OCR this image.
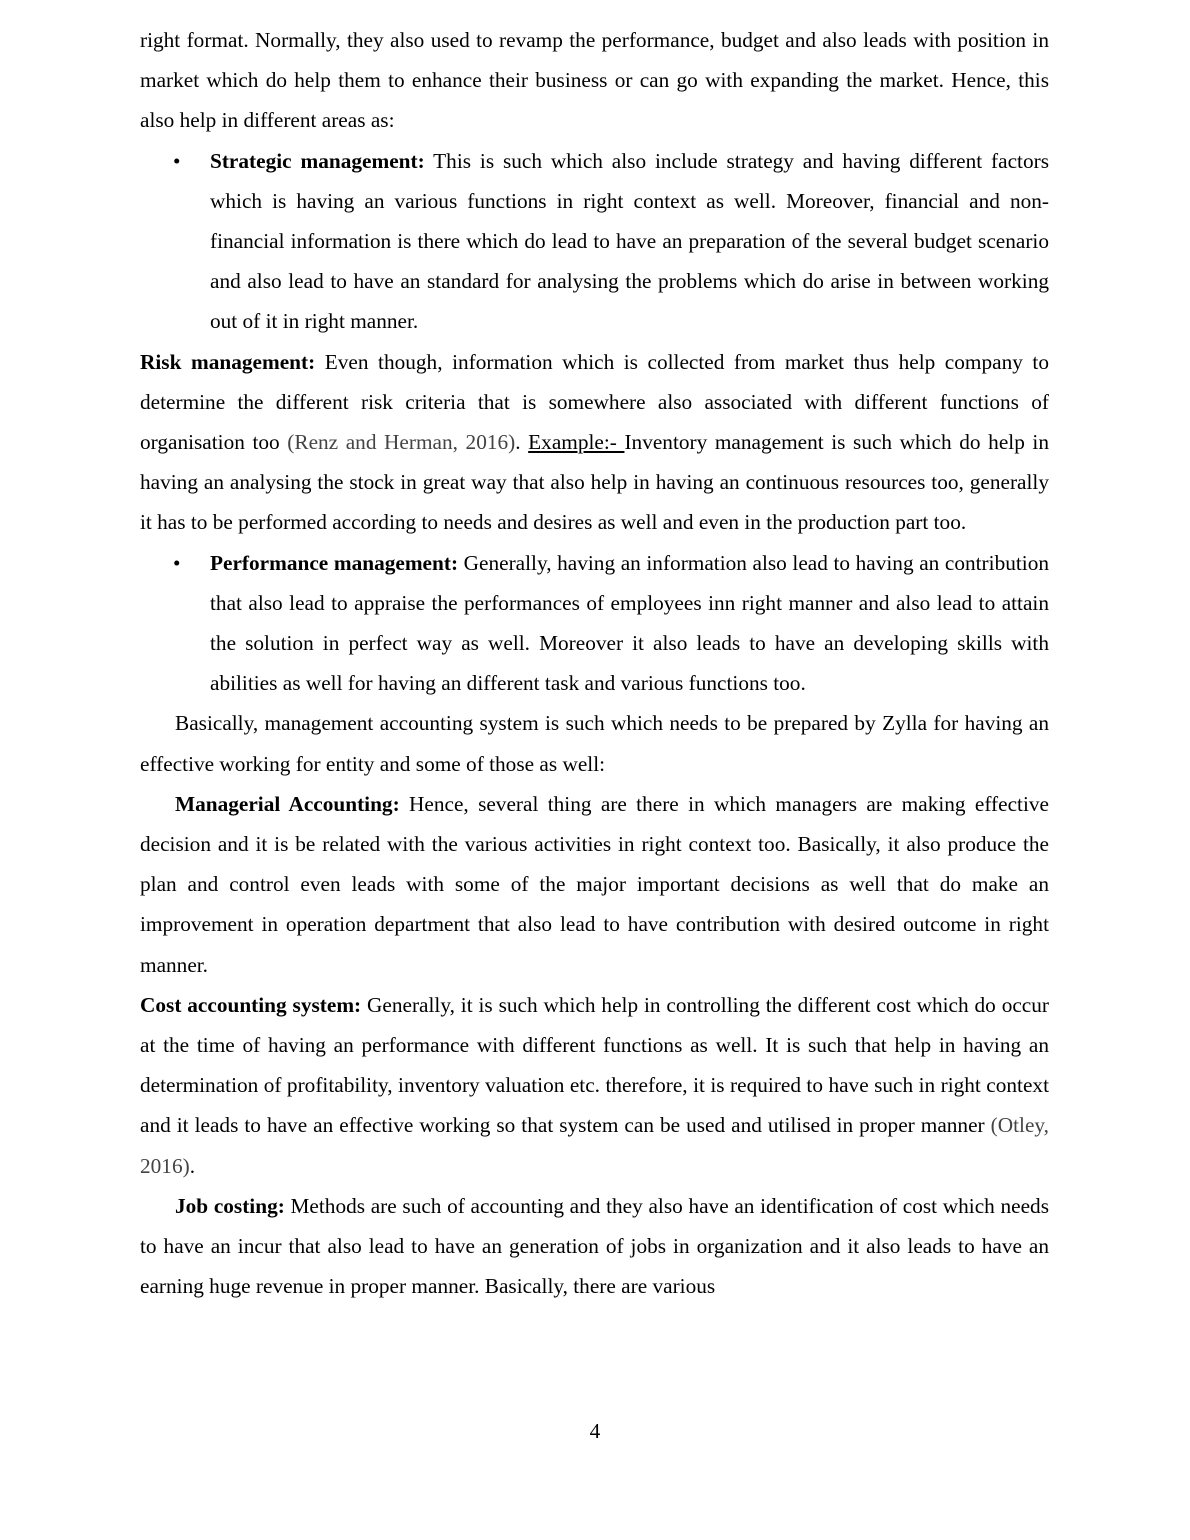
right format. Normally, they also used to revamp the performance, budget and also leads with position in market which do help them to enhance their business or can go with expanding the market. Hence, this also help in different areas as:

• Strategic management: This is such which also include strategy and having different factors which is having an various functions in right context as well. Moreover, financial and non-financial information is there which do lead to have an preparation of the several budget scenario and also lead to have an standard for analysing the problems which do arise in between working out of it in right manner.

Risk management: Even though, information which is collected from market thus help company to determine the different risk criteria that is somewhere also associated with different functions of organisation too (Renz and Herman, 2016). Example:- Inventory management is such which do help in having an analysing the stock in great way that also help in having an continuous resources too, generally it has to be performed according to needs and desires as well and even in the production part too.

• Performance management: Generally, having an information also lead to having an contribution that also lead to appraise the performances of employees inn right manner and also lead to attain the solution in perfect way as well. Moreover it also leads to have an developing skills with abilities as well for having an different task and various functions too.

Basically, management accounting system is such which needs to be prepared by Zylla for having an effective working for entity and some of those as well:

Managerial Accounting: Hence, several thing are there in which managers are making effective decision and it is be related with the various activities in right context too. Basically, it also produce the plan and control even leads with some of the major important decisions as well that do make an improvement in operation department that also lead to have contribution with desired outcome in right manner.

Cost accounting system: Generally, it is such which help in controlling the different cost which do occur at the time of having an performance with different functions as well. It is such that help in having an determination of profitability, inventory valuation etc. therefore, it is required to have such in right context and it leads to have an effective working so that system can be used and utilised in proper manner (Otley, 2016).

Job costing: Methods are such of accounting and they also have an identification of cost which needs to have an incur that also lead to have an generation of jobs in organization and it also leads to have an earning huge revenue in proper manner. Basically, there are various

4
